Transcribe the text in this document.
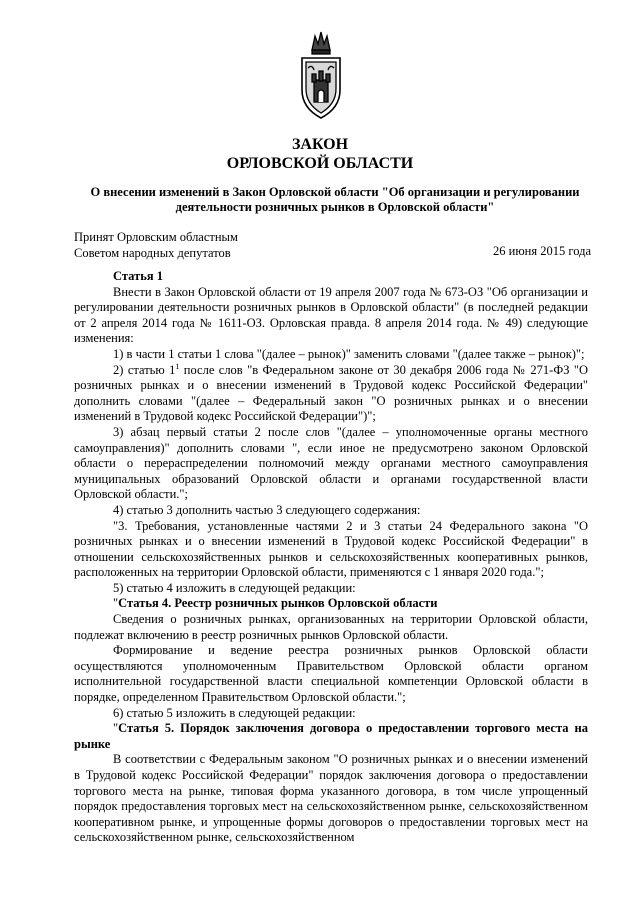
ЗАКОН
ОРЛОВСКОЙ ОБЛАСТИ
О внесении изменений в Закон Орловской области "Об организации и регулировании деятельности розничных рынков в Орловской области"
Принят Орловским областным
Советом народных депутатов	26 июня 2015 года

Статья 1

Внести в Закон Орловской области от 19 апреля 2007 года № 673-ОЗ "Об организации и регулировании деятельности розничных рынков в Орловской области" (в последней редакции от 2 апреля 2014 года № 1611-ОЗ. Орловская правда. 8 апреля 2014 года. № 49) следующие изменения:

1) в части 1 статьи 1 слова "(далее – рынок)" заменить словами "(далее также – рынок)";

2) статью $1^1$ после слов "в Федеральном законе от 30 декабря 2006 года № 271-ФЗ "О розничных рынках и о внесении изменений в Трудовой кодекс Российской Федерации" дополнить словами "(далее – Федеральный закон "О розничных рынках и о внесении изменений в Трудовой кодекс Российской Федерации")";

3) абзац первый статьи 2 после слов "(далее – уполномоченные органы местного самоуправления)" дополнить словами ", если иное не предусмотрено законом Орловской области о перераспределении полномочий между органами местного самоуправления муниципальных образований Орловской области и органами государственной власти Орловской области.";

4) статью 3 дополнить частью 3 следующего содержания:

"3. Требования, установленные частями 2 и 3 статьи 24 Федерального закона "О розничных рынках и о внесении изменений в Трудовой кодекс Российской Федерации" в отношении сельскохозяйственных рынков и сельскохозяйственных кооперативных рынков, расположенных на территории Орловской области, применяются с 1 января 2020 года.";

5) статью 4 изложить в следующей редакции:

"Статья 4. Реестр розничных рынков Орловской области

Сведения о розничных рынках, организованных на территории Орловской области, подлежат включению в реестр розничных рынков Орловской области.

Формирование и ведение реестра розничных рынков Орловской области осуществляются уполномоченным Правительством Орловской области органом исполнительной государственной власти специальной компетенции Орловской области в порядке, определенном Правительством Орловской области.";

6) статью 5 изложить в следующей редакции:

"Статья 5. Порядок заключения договора о предоставлении торгового места на рынке

В соответствии с Федеральным законом "О розничных рынках и о внесении изменений в Трудовой кодекс Российской Федерации" порядок заключения договора о предоставлении торгового места на рынке, типовая форма указанного договора, в том числе упрощенный порядок предоставления торговых мест на сельскохозяйственном рынке, сельскохозяйственном кооперативном рынке, и упрощенные формы договоров о предоставлении торговых мест на сельскохозяйственном рынке, сельскохозяйственном
